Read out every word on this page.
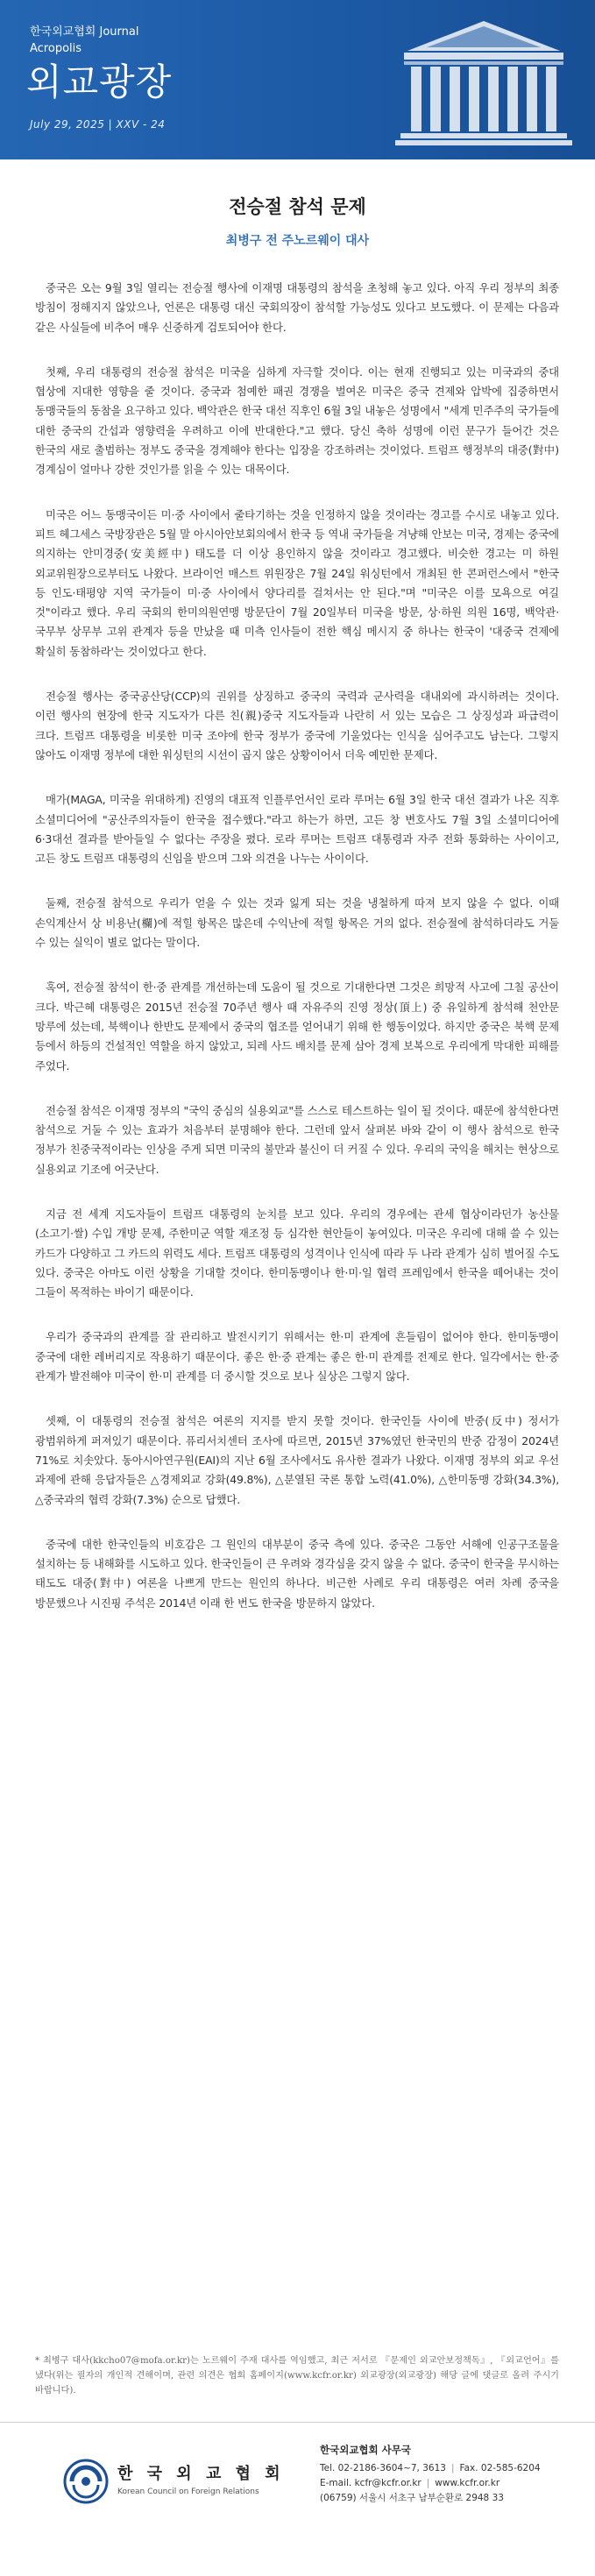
한국외교협회 Journal
Acropolis
외교광장
July 29, 2025 | XXV - 24
전승절 참석 문제
최병구 전 주노르웨이 대사

중국은 오는 9월 3일 열리는 전승절 행사에 이재명 대통령의 참석을 초청해 놓고 있다. 아직 우리 정부의 최종 방침이 정해지지 않았으나, 언론은 대통령 대신 국회의장이 참석할 가능성도 있다고 보도했다. 이 문제는 다음과 같은 사실들에 비추어 매우 신중하게 검토되어야 한다.

첫째, 우리 대통령의 전승절 참석은 미국을 심하게 자극할 것이다. 이는 현재 진행되고 있는 미국과의 중대 협상에 지대한 영향을 줄 것이다. 중국과 첨예한 패권 경쟁을 벌여온 미국은 중국 견제와 압박에 집중하면서 동맹국들의 동참을 요구하고 있다. 백악관은 한국 대선 직후인 6월 3일 내놓은 성명에서 "세계 민주주의 국가들에 대한 중국의 간섭과 영향력을 우려하고 이에 반대한다."고 했다. 당신 축하 성명에 이런 문구가 들어간 것은 한국의 새로 출범하는 정부도 중국을 경계해야 한다는 입장을 강조하려는 것이었다. 트럼프 행정부의 대중(對中) 경계심이 얼마나 강한 것인가를 읽을 수 있는 대목이다.

미국은 어느 동맹국이든 미·중 사이에서 줄타기하는 것을 인정하지 않을 것이라는 경고를 수시로 내놓고 있다. 피트 헤그세스 국방장관은 5월 말 아시아안보회의에서 한국 등 역내 국가들을 겨냥해 안보는 미국, 경제는 중국에 의지하는 안미경중(安美經中) 태도를 더 이상 용인하지 않을 것이라고 경고했다. 비슷한 경고는 미 하원 외교위원장으로부터도 나왔다. 브라이언 매스트 위원장은 7월 24일 워싱턴에서 개최된 한 콘퍼런스에서 "한국 등 인도·태평양 지역 국가들이 미·중 사이에서 양다리를 걸쳐서는 안 된다."며 "미국은 이를 모욕으로 여길 것"이라고 했다. 우리 국회의 한미의원연맹 방문단이 7월 20일부터 미국을 방문, 상·하원 의원 16명, 백악관·국무부 상무부 고위 관계자 등을 만났을 때 미측 인사들이 전한 핵심 메시지 중 하나는 한국이 '대중국 견제에 확실히 동참하라'는 것이었다고 한다.

전승절 행사는 중국공산당(CCP)의 권위를 상징하고 중국의 국력과 군사력을 대내외에 과시하려는 것이다. 이런 행사의 현장에 한국 지도자가 다른 친(親)중국 지도자들과 나란히 서 있는 모습은 그 상징성과 파급력이 크다. 트럼프 대통령을 비롯한 미국 조야에 한국 정부가 중국에 기울었다는 인식을 심어주고도 남는다. 그렇지 않아도 이재명 정부에 대한 워싱턴의 시선이 곱지 않은 상황이어서 더욱 예민한 문제다.

매가(MAGA, 미국을 위대하게) 진영의 대표적 인플루언서인 로라 루머는 6월 3일 한국 대선 결과가 나온 직후 소셜미디어에 "공산주의자들이 한국을 접수했다."라고 하는가 하면, 고든 창 변호사도 7월 3일 소셜미디어에 6·3대선 결과를 받아들일 수 없다는 주장을 폈다. 로라 루머는 트럼프 대통령과 자주 전화 통화하는 사이이고, 고든 창도 트럼프 대통령의 신임을 받으며 그와 의견을 나누는 사이이다.

둘째, 전승절 참석으로 우리가 얻을 수 있는 것과 잃게 되는 것을 냉철하게 따져 보지 않을 수 없다. 이때 손익계산서 상 비용난(欄)에 적힐 항목은 많은데 수익난에 적힐 항목은 거의 없다. 전승절에 참석하더라도 거둘 수 있는 실익이 별로 없다는 말이다.

혹여, 전승절 참석이 한·중 관계를 개선하는데 도움이 될 것으로 기대한다면 그것은 희망적 사고에 그칠 공산이 크다. 박근혜 대통령은 2015년 전승절 70주년 행사 때 자유주의 진영 정상(頂上) 중 유일하게 참석해 천안문 망루에 섰는데, 북핵이나 한반도 문제에서 중국의 협조를 얻어내기 위해 한 행동이었다. 하지만 중국은 북핵 문제 등에서 하등의 건설적인 역할을 하지 않았고, 되레 사드 배치를 문제 삼아 경제 보복으로 우리에게 막대한 피해를 주었다.

전승절 참석은 이재명 정부의 "국익 중심의 실용외교"를 스스로 테스트하는 일이 될 것이다. 때문에 참석한다면 참석으로 거둘 수 있는 효과가 처음부터 분명해야 한다. 그런데 앞서 살펴본 바와 같이 이 행사 참석으로 한국 정부가 친중국적이라는 인상을 주게 되면 미국의 불만과 불신이 더 커질 수 있다. 우리의 국익을 해치는 현상으로 실용외교 기조에 어긋난다.

지금 전 세계 지도자들이 트럼프 대통령의 눈치를 보고 있다. 우리의 경우에는 관세 협상이라던가 농산물(소고기·쌀) 수입 개방 문제, 주한미군 역할 재조정 등 심각한 현안들이 놓여있다. 미국은 우리에 대해 쓸 수 있는 카드가 다양하고 그 카드의 위력도 세다. 트럼프 대통령의 성격이나 인식에 따라 두 나라 관계가 심히 벌어질 수도 있다. 중국은 아마도 이런 상황을 기대할 것이다. 한미동맹이나 한·미·일 협력 프레임에서 한국을 떼어내는 것이 그들이 목적하는 바이기 때문이다.

우리가 중국과의 관계를 잘 관리하고 발전시키기 위해서는 한·미 관계에 흔들림이 없어야 한다. 한미동맹이 중국에 대한 레버리지로 작용하기 때문이다. 좋은 한·중 관계는 좋은 한·미 관계를 전제로 한다. 일각에서는 한·중 관계가 발전해야 미국이 한·미 관계를 더 중시할 것으로 보나 실상은 그렇지 않다.

셋째, 이 대통령의 전승절 참석은 여론의 지지를 받지 못할 것이다. 한국인들 사이에 반중(反中) 정서가 광범위하게 퍼져있기 때문이다. 퓨리서치센터 조사에 따르면, 2015년 37%였던 한국민의 반중 감정이 2024년 71%로 치솟았다. 동아시아연구원(EAI)의 지난 6월 조사에서도 유사한 결과가 나왔다. 이재명 정부의 외교 우선 과제에 관해 응답자들은 △경제외교 강화(49.8%), △분열된 국론 통합 노력(41.0%), △한미동맹 강화(34.3%), △중국과의 협력 강화(7.3%) 순으로 답했다.

중국에 대한 한국인들의 비호감은 그 원인의 대부분이 중국 측에 있다. 중국은 그동안 서해에 인공구조물을 설치하는 등 내해화를 시도하고 있다. 한국인들이 큰 우려와 경각심을 갖지 않을 수 없다. 중국이 한국을 무시하는 태도도 대중(對中) 여론을 나쁘게 만드는 원인의 하나다. 비근한 사례로 우리 대통령은 여러 차례 중국을 방문했으나 시진핑 주석은 2014년 이래 한 번도 한국을 방문하지 않았다.

* 최병구 대사(kkcho07@mofa.or.kr)는 노르웨이 주재 대사를 역임했고, 최근 저서로 『문제인 외교안보정책독』, 『외교언어』를 냈다(위는 필자의 개인적 견해이며, 관련 의견은 협회 홈페이지(www.kcfr.or.kr) 외교광장(외교광장) 해당 글에 댓글로 올려 주시기 바랍니다).
한 국 외 교 협 회
Korean Council on Foreign Relations
한국외교협회 사무국
Tel. 02-2186-3604~7, 3613 | Fax. 02-585-6204
E-mail. kcfr@kcfr.or.kr | www.kcfr.or.kr
(06759) 서울시 서초구 남부순환로 2948 33
